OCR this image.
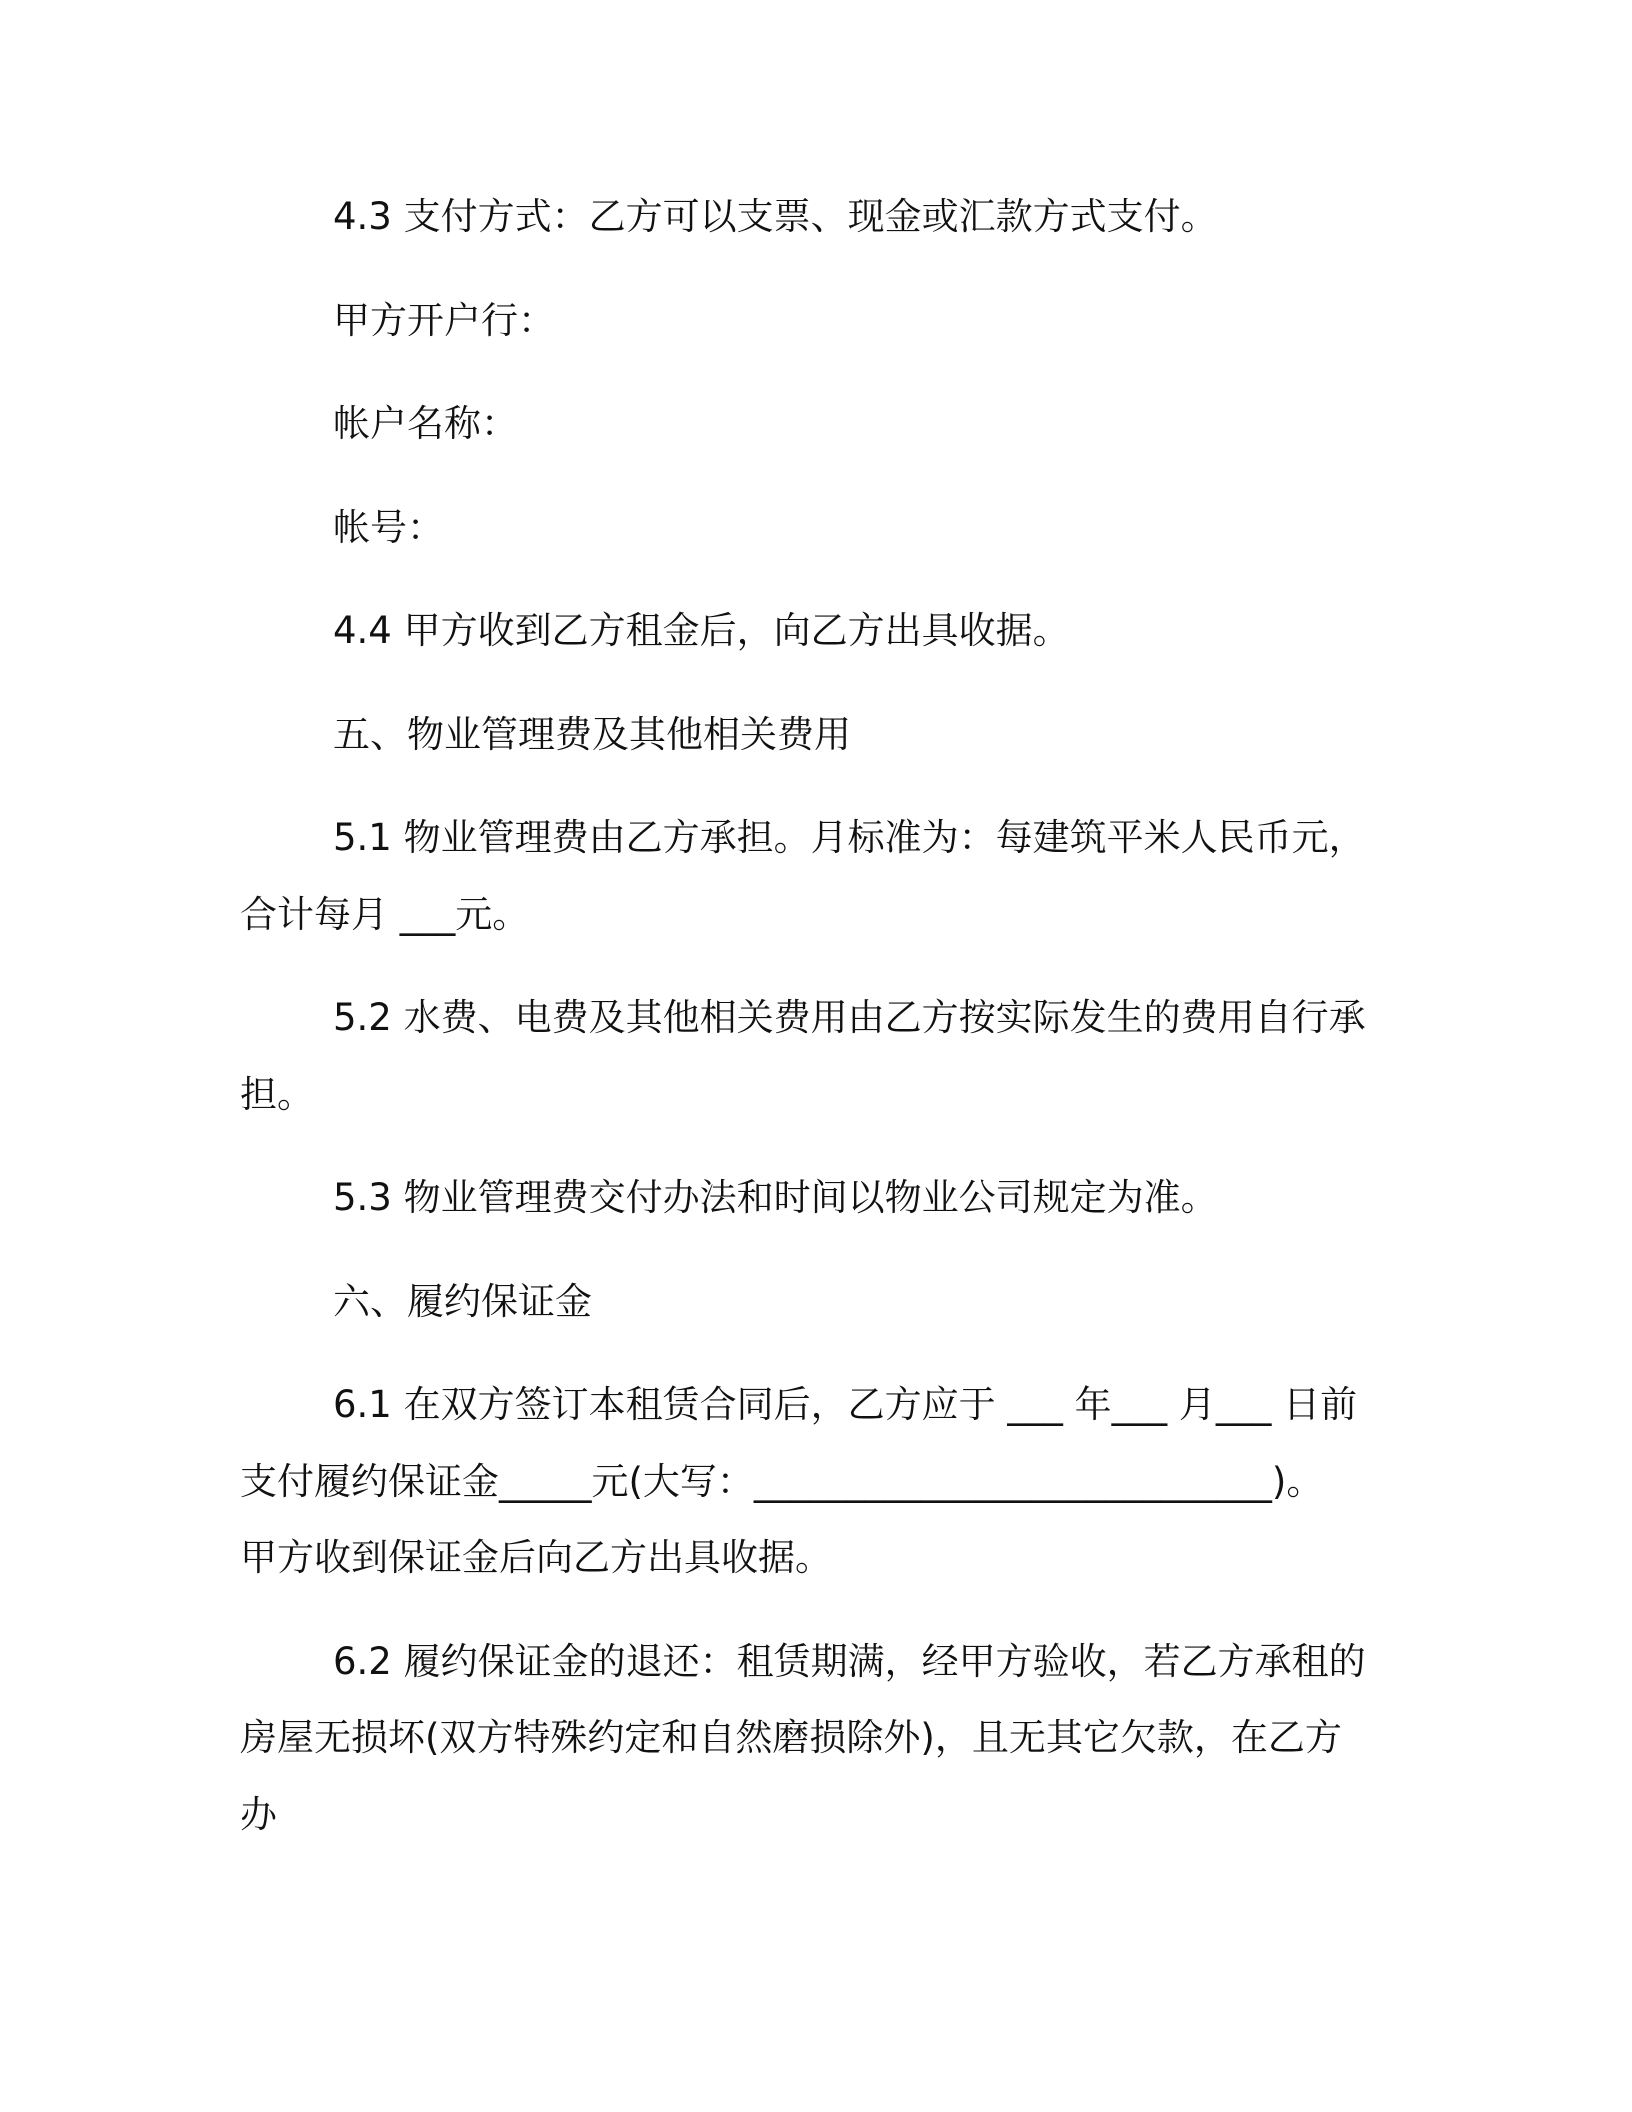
4.3 支付方式：乙方可以支票、现金或汇款方式支付。

甲方开户行：

帐户名称：

帐号：

4.4 甲方收到乙方租金后，向乙方出具收据。

五、物业管理费及其他相关费用

5.1 物业管理费由乙方承担。月标准为：每建筑平米人民币元，
合计每月 ___元。

5.2 水费、电费及其他相关费用由乙方按实际发生的费用自行承
担。

5.3 物业管理费交付办法和时间以物业公司规定为准。

六、履约保证金

6.1 在双方签订本租赁合同后，乙方应于 ___ 年___ 月___ 日前
支付履约保证金_____元(大写：____________________________)。
甲方收到保证金后向乙方出具收据。

6.2 履约保证金的退还：租赁期满，经甲方验收，若乙方承租的
房屋无损坏(双方特殊约定和自然磨损除外)，且无其它欠款，在乙方办
